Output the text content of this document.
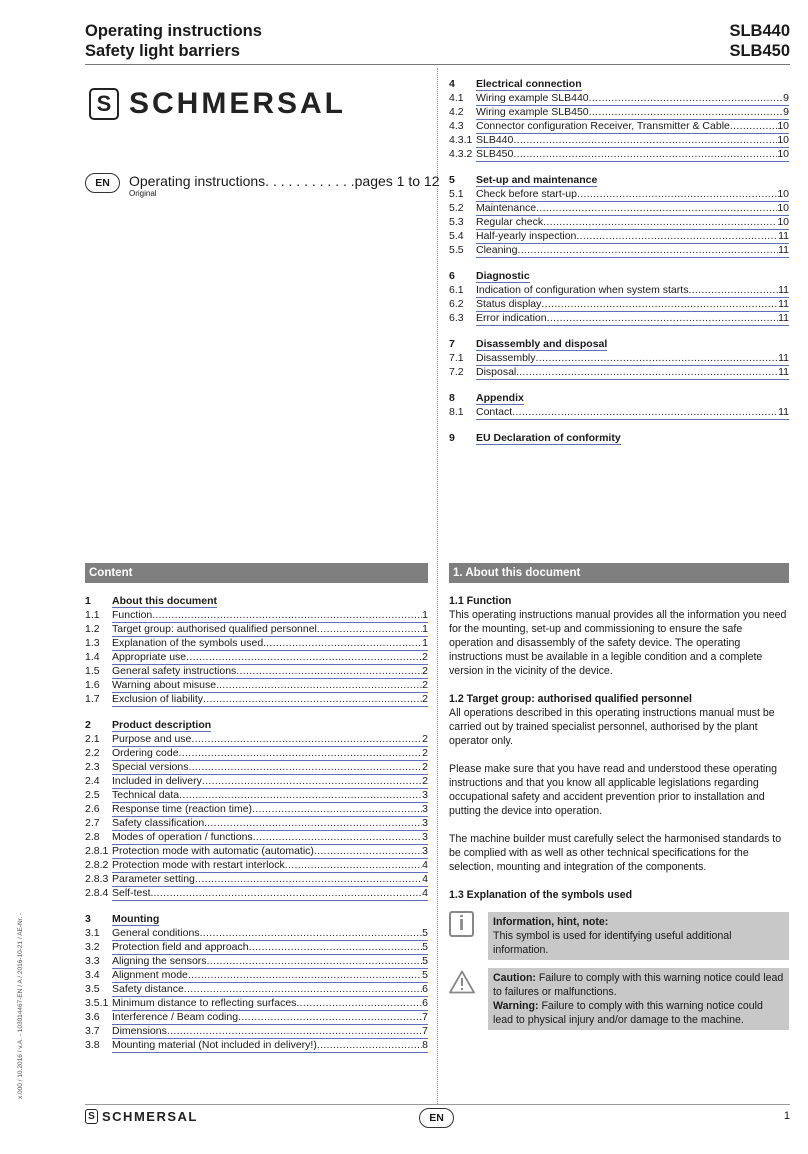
Operating instructions
Safety light barriers
SLB440
SLB450
S SCHMERSAL
EN	Operating instructions. . . . . . . . . . . .pages 1 to 12
Original
4	Electrical connection
4.1	Wiring example SLB440 . . .	9
4.2	Wiring example SLB450 . . .	9
4.3	Connector configuration Receiver, Transmitter & Cable . . .	10
4.3.1 SLB440 . . .	10
4.3.2 SLB450 . . .	10
5	Set-up and maintenance
5.1	Check before start-up . . .	10
5.2	Maintenance . . .	10
5.3	Regular check . . .	10
5.4	Half-yearly inspection . . .	11
5.5	Cleaning . . .	11
6	Diagnostic
6.1	Indication of configuration when system starts . . .	11
6.2	Status display . . .	11
6.3	Error indication . . .	11
7	Disassembly and disposal
7.1	Disassembly . . .	11
7.2	Disposal. . . .	11
8	Appendix
8.1	Contact . . .	11
9	EU Declaration of conformity
Content
1	About this document
1.1	Function. . . .	1
1.2	Target group: authorised qualified personnel . . .	1
1.3	Explanation of the symbols used. . . .	1
1.4	Appropriate use . . .	2
1.5	General safety instructions . . .	2
1.6	Warning about misuse. . . .	2
1.7	Exclusion of liability . . .	2
2	Product description
2.1	Purpose and use . . .	2
2.2	Ordering code . . .	2
2.3	Special versions . . .	2
2.4	Included in delivery . . .	2
2.5	Technical data . . .	3
2.6	Response time (reaction time) . . .	3
2.7	Safety classification. . . .	3
2.8	Modes of operation / functions . . .	3
2.8.1 Protection mode with automatic (automatic) . . .	3
2.8.2 Protection mode with restart interlock . . .	4
2.8.3 Parameter setting . . .	4
2.8.4 Self-test. . . .	4
3	Mounting
3.1	General conditions . . .	5
3.2	Protection field and approach . . .	5
3.3	Aligning the sensors . . .	5
3.4	Alignment mode . . .	5
3.5	Safety distance . . .	6
3.5.1 Minimum distance to reflecting surfaces . . .	6
3.6	Interference / Beam coding . . .	7
3.7	Dimensions . . .	7
3.8	Mounting material (Not included in delivery!) . . .	8
1. About this document
1.1 Function

This operating instructions manual provides all the information you need for the mounting, set-up and commissioning to ensure the safe operation and disassembly of the safety device. The operating instructions must be available in a legible condition and a complete version in the vicinity of the device.

1.2 Target group: authorised qualified personnel

All operations described in this operating instructions manual must be carried out by trained specialist personnel, authorised by the plant operator only.

Please make sure that you have read and understood these operating instructions and that you know all applicable legislations regarding occupational safety and accident prevention prior to installation and putting the device into operation.

The machine builder must carefully select the harmonised standards to be complied with as well as other technical specifications for the selection, mounting and integration of the components.

1.3 Explanation of the symbols used
i	Information, hint, note:
This symbol is used for identifying useful additional information.
Caution: Failure to comply with this warning notice could lead to failures or malfunctions.
Warning: Failure to comply with this warning notice could lead to physical injury and/or damage to the machine.
x.000 / 10.2016 / v.A. - 103014467-EN / A / 2016-10-21 / AE-Nr. -
S SCHMERSAL	EN	1
